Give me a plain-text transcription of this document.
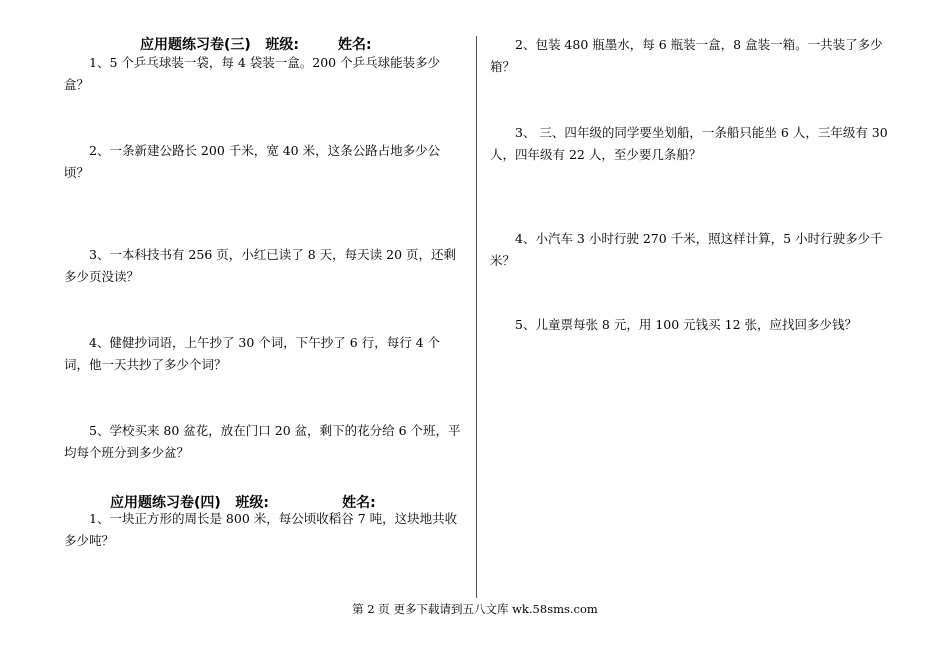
应用题练习卷(三)   班级:        姓名:

1、5 个乒乓球装一袋，每 4 袋装一盒。200 个乒乓球能装多少盒？

2、一条新建公路长 200 千米，宽 40 米，这条公路占地多少公顷？

3、一本科技书有 256 页，小红已读了 8 天，每天读 20 页，还剩多少页没读？

4、健健抄词语，上午抄了 30 个词，下午抄了 6 行，每行 4 个词，他一天共抄了多少个词？

5、学校买来 80 盆花，放在门口 20 盆，剩下的花分给 6 个班，平均每个班分到多少盆？

应用题练习卷(四)   班级:               姓名:

1、一块正方形的周长是 800 米，每公顷收稻谷 7 吨，这块地共收多少吨？

2、包装 480 瓶墨水，每 6 瓶装一盒，8 盒装一箱。一共装了多少箱？

3、 三、四年级的同学要坐划船，一条船只能坐 6 人，三年级有 30 人，四年级有 22 人，至少要几条船？

4、小汽车 3 小时行驶 270 千米，照这样计算，5 小时行驶多少千米？

5、儿童票每张 8 元，用 100 元钱买 12 张，应找回多少钱？

第 2 页 更多下载请到五八文库 wk.58sms.com
